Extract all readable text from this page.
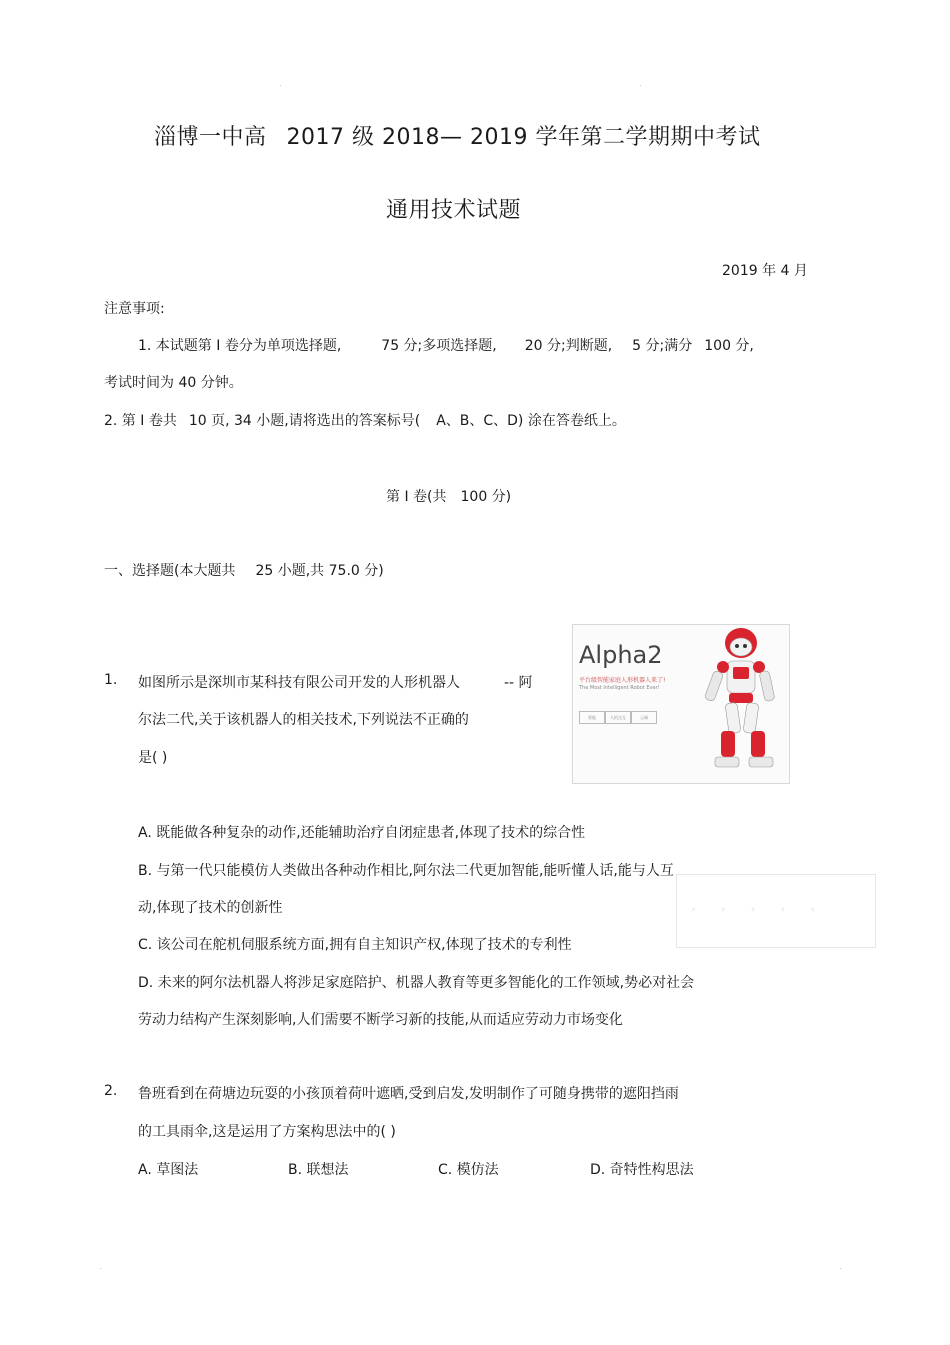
淄博一中高 2017 级 2018— 2019 学年第二学期期中考试
通用技术试题
2019 年 4 月
注意事项:
1. 本试题第 I 卷分为单项选择题,	75 分;多项选择题, 20 分;判断题, 5 分;满分 100 分,
考试时间为 40 分钟。
2. 第 I 卷共 10 页, 34 小题,请将选出的答案标号( A、B、C、D) 涂在答卷纸上。
第 I 卷(共 100 分)
一、选择题(本大题共 25 小题,共 75.0 分)
1. 如图所示是深圳市某科技有限公司开发的人形机器人	-- 阿
尔法二代,关于该机器人的相关技术,下列说法不正确的
是( )
Alpha2
平台级智能家庭人形机器人来了!
The Most Intelligent Robot Ever!
智能	人机交互	云端
A. 既能做各种复杂的动作,还能辅助治疗自闭症患者,体现了技术的综合性
B. 与第一代只能模仿人类做出各种动作相比,阿尔法二代更加智能,能听懂人话,能与人互
动,体现了技术的创新性
C. 该公司在舵机伺服系统方面,拥有自主知识产权,体现了技术的专利性
D. 未来的阿尔法机器人将涉足家庭陪护、机器人教育等更多智能化的工作领域,势必对社会
劳动力结构产生深刻影响,人们需要不断学习新的技能,从而适应劳动力市场变化
· · · · ·
2. 鲁班看到在荷塘边玩耍的小孩顶着荷叶遮晒,受到启发,发明制作了可随身携带的遮阳挡雨
的工具雨伞,这是运用了方案构思法中的( )
A. 草图法	B. 联想法	C. 模仿法	D. 奇特性构思法
